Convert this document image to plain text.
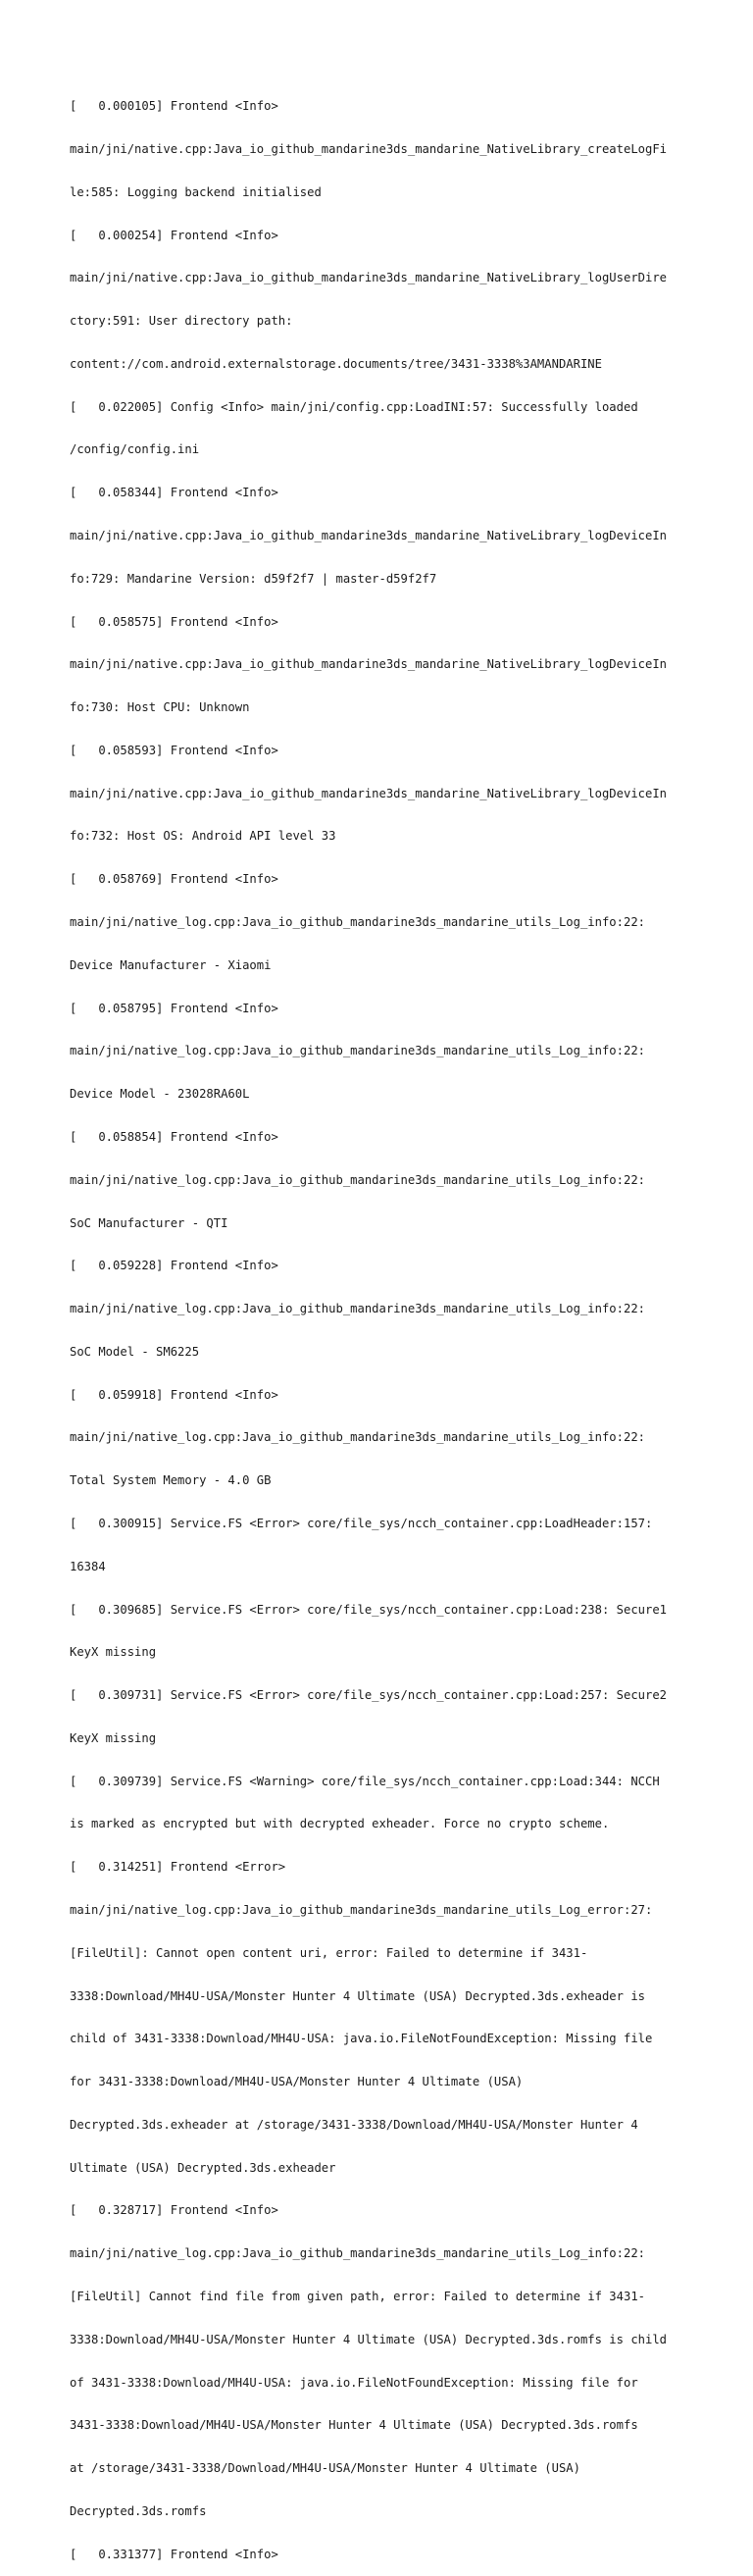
[   0.000105] Frontend <Info>

main/jni/native.cpp:Java_io_github_mandarine3ds_mandarine_NativeLibrary_createLogFi

le:585: Logging backend initialised

[   0.000254] Frontend <Info>

main/jni/native.cpp:Java_io_github_mandarine3ds_mandarine_NativeLibrary_logUserDire

ctory:591: User directory path:

content://com.android.externalstorage.documents/tree/3431-3338%3AMANDARINE

[   0.022005] Config <Info> main/jni/config.cpp:LoadINI:57: Successfully loaded

/config/config.ini

[   0.058344] Frontend <Info>

main/jni/native.cpp:Java_io_github_mandarine3ds_mandarine_NativeLibrary_logDeviceIn

fo:729: Mandarine Version: d59f2f7 | master-d59f2f7

[   0.058575] Frontend <Info>

main/jni/native.cpp:Java_io_github_mandarine3ds_mandarine_NativeLibrary_logDeviceIn

fo:730: Host CPU: Unknown

[   0.058593] Frontend <Info>

main/jni/native.cpp:Java_io_github_mandarine3ds_mandarine_NativeLibrary_logDeviceIn

fo:732: Host OS: Android API level 33

[   0.058769] Frontend <Info>

main/jni/native_log.cpp:Java_io_github_mandarine3ds_mandarine_utils_Log_info:22:

Device Manufacturer - Xiaomi

[   0.058795] Frontend <Info>

main/jni/native_log.cpp:Java_io_github_mandarine3ds_mandarine_utils_Log_info:22:

Device Model - 23028RA60L

[   0.058854] Frontend <Info>

main/jni/native_log.cpp:Java_io_github_mandarine3ds_mandarine_utils_Log_info:22:

SoC Manufacturer - QTI

[   0.059228] Frontend <Info>

main/jni/native_log.cpp:Java_io_github_mandarine3ds_mandarine_utils_Log_info:22:

SoC Model - SM6225

[   0.059918] Frontend <Info>

main/jni/native_log.cpp:Java_io_github_mandarine3ds_mandarine_utils_Log_info:22:

Total System Memory - 4.0 GB

[   0.300915] Service.FS <Error> core/file_sys/ncch_container.cpp:LoadHeader:157:

16384

[   0.309685] Service.FS <Error> core/file_sys/ncch_container.cpp:Load:238: Secure1

KeyX missing

[   0.309731] Service.FS <Error> core/file_sys/ncch_container.cpp:Load:257: Secure2

KeyX missing

[   0.309739] Service.FS <Warning> core/file_sys/ncch_container.cpp:Load:344: NCCH

is marked as encrypted but with decrypted exheader. Force no crypto scheme.

[   0.314251] Frontend <Error>

main/jni/native_log.cpp:Java_io_github_mandarine3ds_mandarine_utils_Log_error:27:

[FileUtil]: Cannot open content uri, error: Failed to determine if 3431-

3338:Download/MH4U-USA/Monster Hunter 4 Ultimate (USA) Decrypted.3ds.exheader is

child of 3431-3338:Download/MH4U-USA: java.io.FileNotFoundException: Missing file

for 3431-3338:Download/MH4U-USA/Monster Hunter 4 Ultimate (USA)

Decrypted.3ds.exheader at /storage/3431-3338/Download/MH4U-USA/Monster Hunter 4

Ultimate (USA) Decrypted.3ds.exheader

[   0.328717] Frontend <Info>

main/jni/native_log.cpp:Java_io_github_mandarine3ds_mandarine_utils_Log_info:22:

[FileUtil] Cannot find file from given path, error: Failed to determine if 3431-

3338:Download/MH4U-USA/Monster Hunter 4 Ultimate (USA) Decrypted.3ds.romfs is child

of 3431-3338:Download/MH4U-USA: java.io.FileNotFoundException: Missing file for

3431-3338:Download/MH4U-USA/Monster Hunter 4 Ultimate (USA) Decrypted.3ds.romfs

at /storage/3431-3338/Download/MH4U-USA/Monster Hunter 4 Ultimate (USA)

Decrypted.3ds.romfs

[   0.331377] Frontend <Info>
